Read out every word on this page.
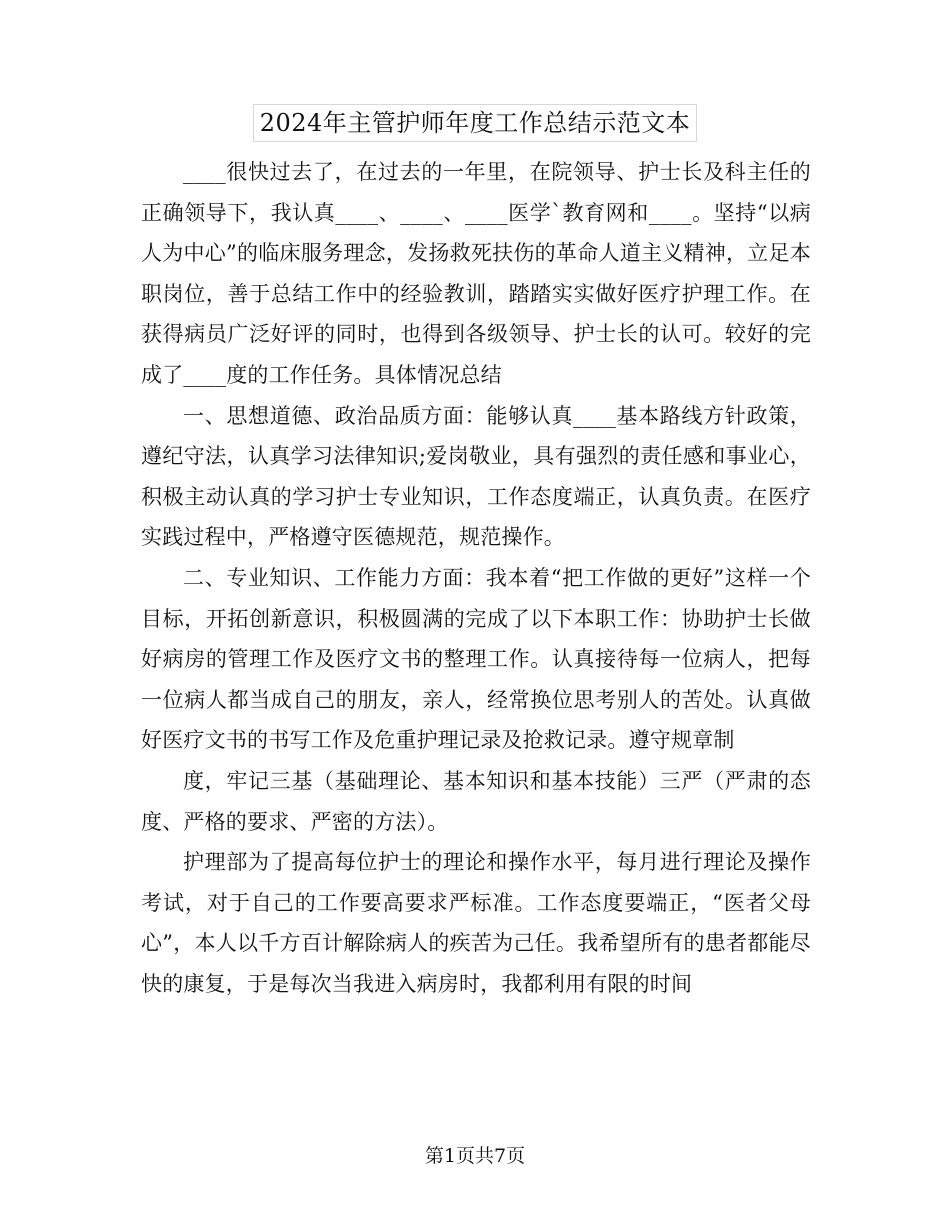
2024年主管护师年度工作总结示范文本

____很快过去了，在过去的一年里，在院领导、护士长及科主任的正确领导下，我认真____、____、____医学`教育网和____。坚持“以病人为中心”的临床服务理念，发扬救死扶伤的革命人道主义精神，立足本职岗位，善于总结工作中的经验教训，踏踏实实做好医疗护理工作。在获得病员广泛好评的同时，也得到各级领导、护士长的认可。较好的完成了____度的工作任务。具体情况总结

一、思想道德、政治品质方面：能够认真____基本路线方针政策，遵纪守法，认真学习法律知识;爱岗敬业，具有强烈的责任感和事业心，积极主动认真的学习护士专业知识，工作态度端正，认真负责。在医疗实践过程中，严格遵守医德规范，规范操作。

二、专业知识、工作能力方面：我本着“把工作做的更好”这样一个目标，开拓创新意识，积极圆满的完成了以下本职工作：协助护士长做好病房的管理工作及医疗文书的整理工作。认真接待每一位病人，把每一位病人都当成自己的朋友，亲人，经常换位思考别人的苦处。认真做好医疗文书的书写工作及危重护理记录及抢救记录。遵守规章制

度，牢记三基（基础理论、基本知识和基本技能）三严（严肃的态度、严格的要求、严密的方法）。

护理部为了提高每位护士的理论和操作水平，每月进行理论及操作考试，对于自己的工作要高要求严标准。工作态度要端正，“医者父母心”，本人以千方百计解除病人的疾苦为己任。我希望所有的患者都能尽快的康复，于是每次当我进入病房时，我都利用有限的时间

第1页共7页
